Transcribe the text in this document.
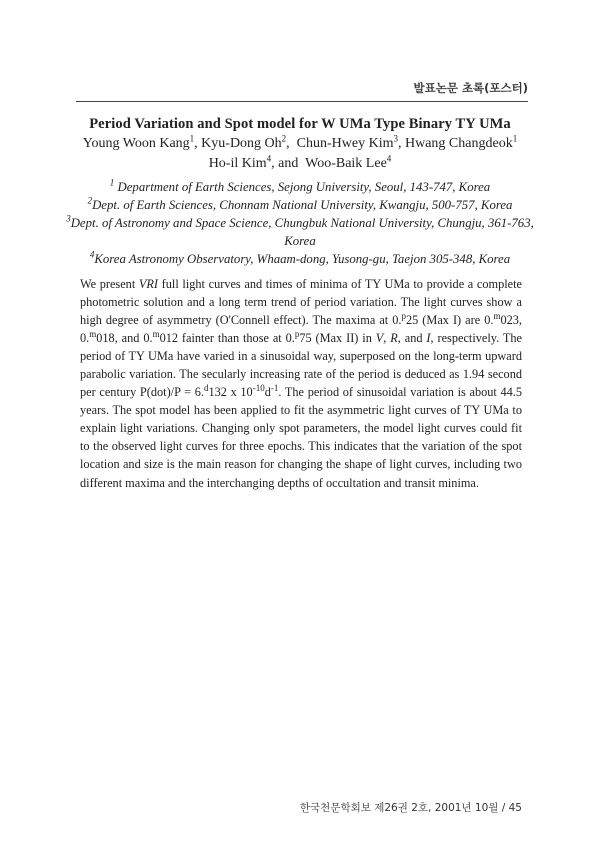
발표논문 초록(포스터)
Period Variation and Spot model for W UMa Type Binary TY UMa
Young Woon Kang$^1$, Kyu-Dong Oh$^2$, Chun-Hwey Kim$^3$, Hwang Changdeok$^1$
Ho-il Kim$^4$, and Woo-Baik Lee$^4$
$^1$ Department of Earth Sciences, Sejong University, Seoul, 143-747, Korea
$^2$Dept. of Earth Sciences, Chonnam National University, Kwangju, 500-757, Korea
$^3$Dept. of Astronomy and Space Science, Chungbuk National University, Chungju, 361-763, Korea
$^4$Korea Astronomy Observatory, Whaam-dong, Yusong-gu, Taejon 305-348, Korea
We present VRI full light curves and times of minima of TY UMa to provide a complete photometric solution and a long term trend of period variation. The light curves show a high degree of asymmetry (O'Connell effect). The maxima at 0.$^p$25 (Max I) are 0.$^m$023, 0.$^m$018, and 0.$^m$012 fainter than those at 0.$^p$75 (Max II) in V, R, and I, respectively. The period of TY UMa have varied in a sinusoidal way, superposed on the long-term upward parabolic variation. The secularly increasing rate of the period is deduced as 1.94 second per century P(dot)/P = 6.$^d$132 x $10^{-10}d^{-1}$. The period of sinusoidal variation is about 44.5 years. The spot model has been applied to fit the asymmetric light curves of TY UMa to explain light variations. Changing only spot parameters, the model light curves could fit to the observed light curves for three epochs. This indicates that the variation of the spot location and size is the main reason for changing the shape of light curves, including two different maxima and the interchanging depths of occultation and transit minima.
한국천문학회보 제26권 2호, 2001년 10월 / 45
